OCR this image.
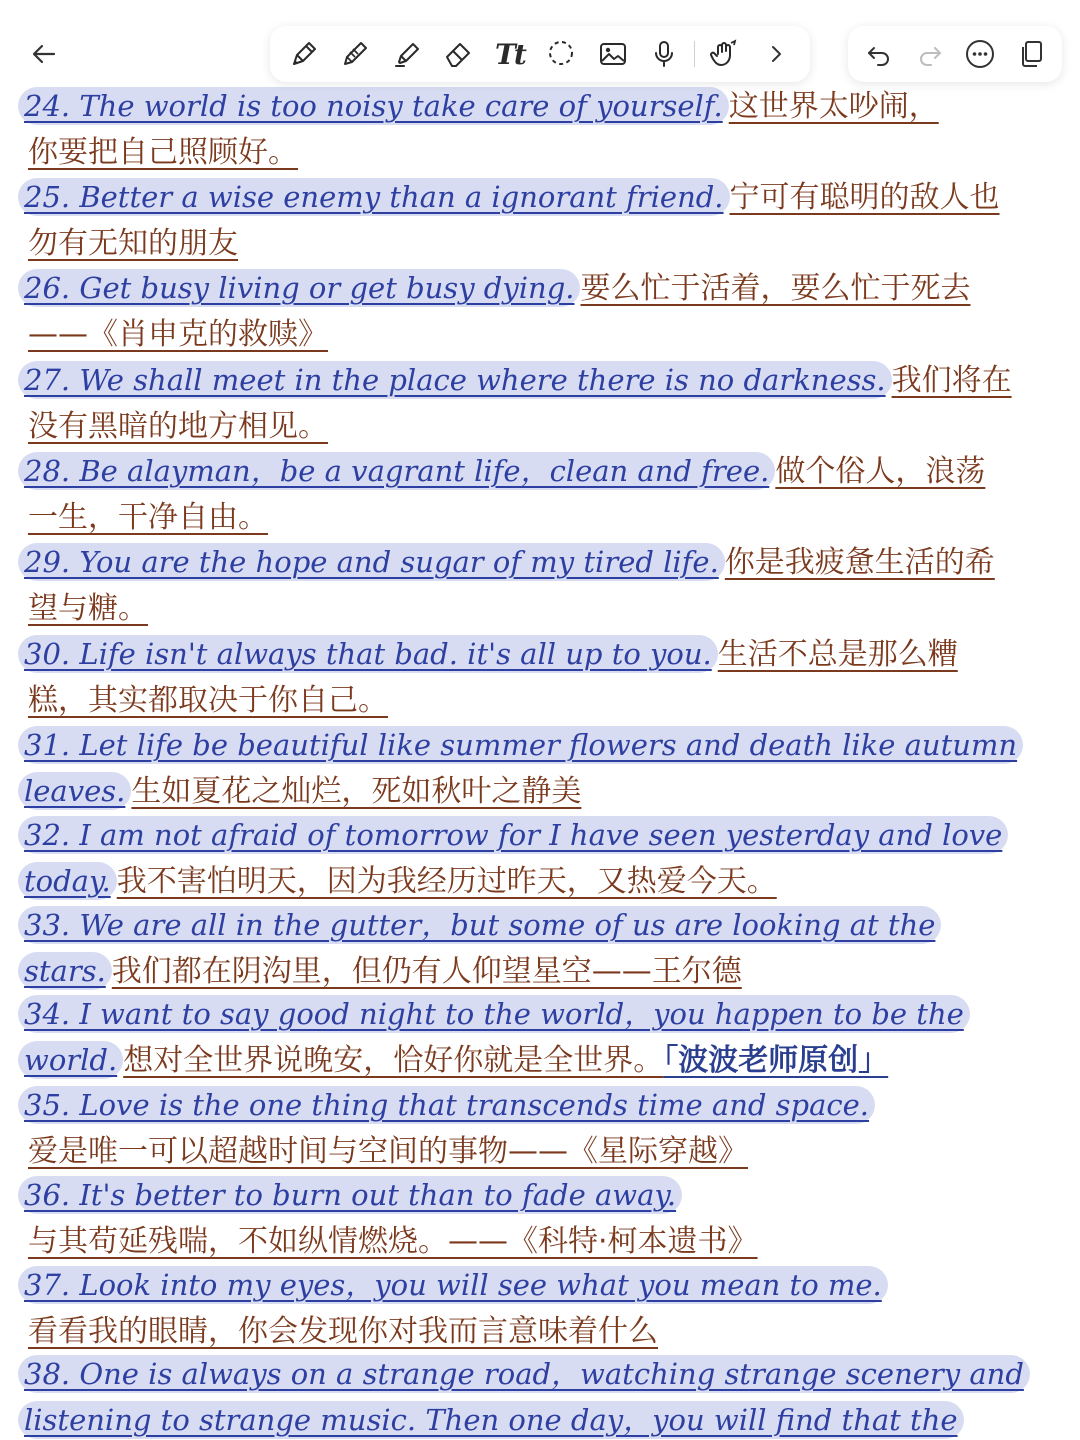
Tt
24. The world is too noisy take care of yourself. 这世界太吵闹，
你要把自己照顾好。
25. Better a wise enemy than a ignorant friend. 宁可有聪明的敌人也
勿有无知的朋友
26. Get busy living or get busy dying. 要么忙于活着，要么忙于死去
——《肖申克的救赎》
27. We shall meet in the place where there is no darkness. 我们将在
没有黑暗的地方相见。
28. Be alayman，be a vagrant life，clean and free. 做个俗人，浪荡
一生，干净自由。
29. You are the hope and sugar of my tired life. 你是我疲惫生活的希
望与糖。
30. Life isn't always that bad. it's all up to you. 生活不总是那么糟
糕，其实都取决于你自己。
31. Let life be beautiful like summer flowers and death like autumn
leaves. 生如夏花之灿烂，死如秋叶之静美
32. I am not afraid of tomorrow for I have seen yesterday and love
today. 我不害怕明天，因为我经历过昨天，又热爱今天。
33. We are all in the gutter，but some of us are looking at the
stars. 我们都在阴沟里，但仍有人仰望星空——王尔德
34. I want to say good night to the world，you happen to be the
world. 想对全世界说晚安，恰好你就是全世界。「波波老师原创」
35. Love is the one thing that transcends time and space.
爱是唯一可以超越时间与空间的事物——《星际穿越》
36. It's better to burn out than to fade away.
与其苟延残喘，不如纵情燃烧。——《科特·柯本遗书》
37. Look into my eyes，you will see what you mean to me.
看看我的眼睛，你会发现你对我而言意味着什么
38. One is always on a strange road，watching strange scenery and
listening to strange music. Then one day，you will find that the
